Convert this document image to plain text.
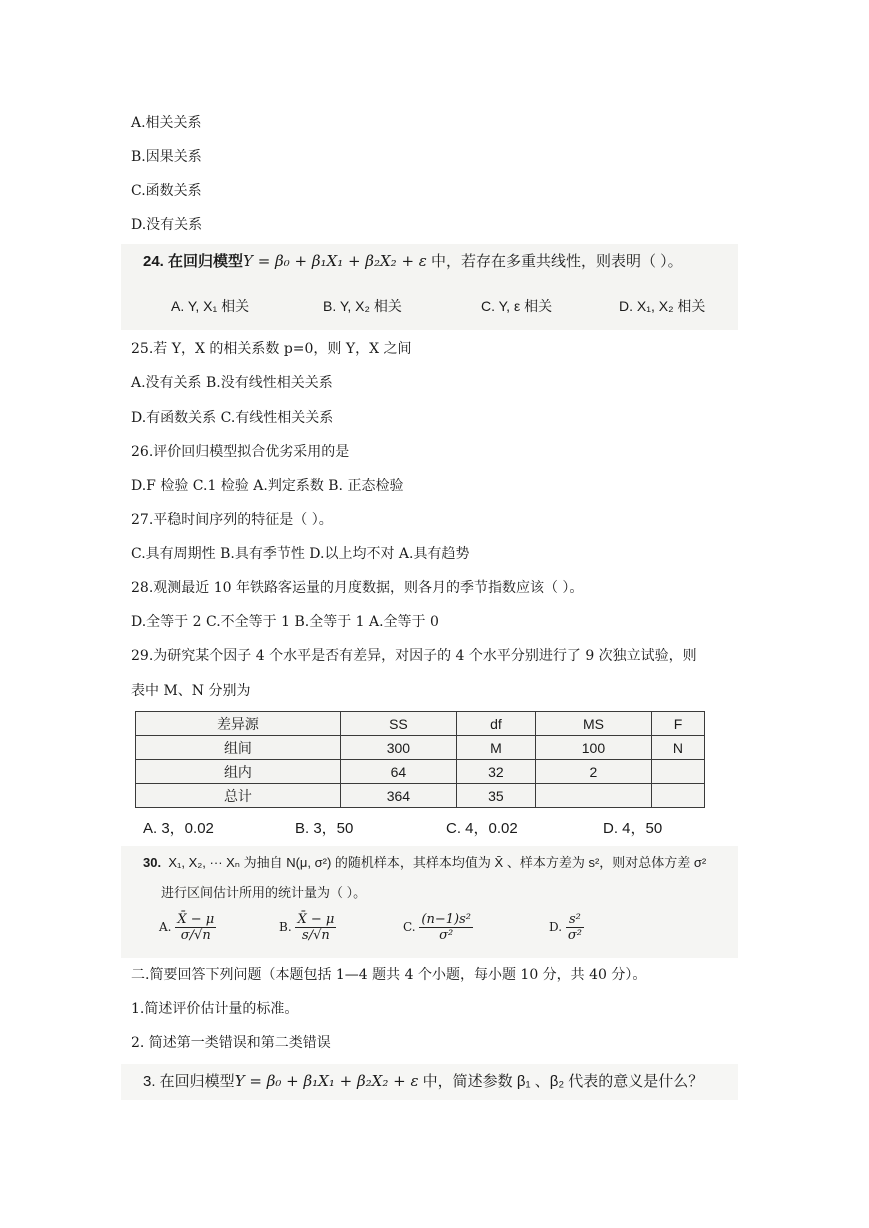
A.相关关系
B.因果关系
C.函数关系
D.没有关系
24. 在回归模型Y = β₀ + β₁X₁ + β₂X₂ + ε 中，若存在多重共线性，则表明（ ）。
A. Y, X₁ 相关	B. Y, X₂ 相关	C. Y, ε 相关	D. X₁, X₂ 相关
25.若 Y，X 的相关系数 p=0，则 Y，X 之间
A.没有关系 B.没有线性相关关系
D.有函数关系 C.有线性相关关系
26.评价回归模型拟合优劣采用的是
D.F 检验 C.1 检验 A.判定系数 B. 正态检验
27.平稳时间序列的特征是（ ）。
C.具有周期性 B.具有季节性 D.以上均不对 A.具有趋势
28.观测最近 10 年铁路客运量的月度数据，则各月的季节指数应该（ ）。
D.全等于 2 C.不全等于 1 B.全等于 1 A.全等于 0
29.为研究某个因子 4 个水平是否有差异，对因子的 4 个水平分别进行了 9 次独立试验，则
表中 M、N 分别为
差异源	SS	df	MS	F
组间	300	M	100	N
组内	64	32	2	
总计	364	35		
A. 3，0.02	B. 3，50	C. 4，0.02	D. 4，50
30. X₁, X₂, ··· Xₙ 为抽自 N(μ, σ²) 的随机样本，其样本均值为 X̄ 、样本方差为 s²，则对总体方差 σ²
进行区间估计所用的统计量为（ ）。
A. $\frac{X̄ - \mu}{\sigma/√n}$	B. $\frac{X̄ - \mu}{s/√n}$	C. $\frac{\text{(n−1)s²}}{\text{σ²}}$	D. $\frac{\text{s²}}{\text{σ²}}$
二.简要回答下列问题（本题包括 1—4 题共 4 个小题，每小题 10 分，共 40 分）。
1.简述评价估计量的标准。
2. 简述第一类错误和第二类错误
3. 在回归模型Y = β₀ + β₁X₁ + β₂X₂ + ε 中，简述参数 β₁ 、β₂ 代表的意义是什么？
